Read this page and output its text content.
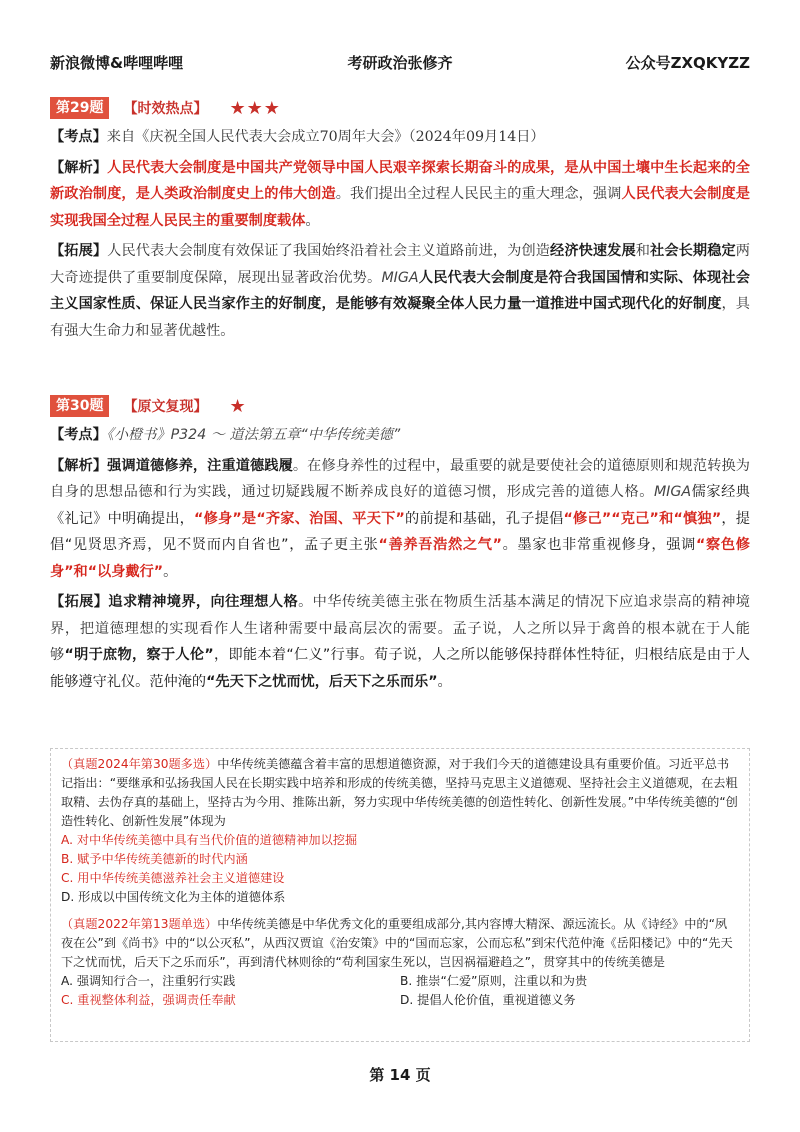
新浪微博&哔哩哔哩	考研政治张修齐	公众号ZXQKYZZ
第29题	【时效热点】 ★★★

【考点】来自《庆祝全国人民代表大会成立70周年大会》（2024年09月14日）

【解析】人民代表大会制度是中国共产党领导中国人民艰辛探索长期奋斗的成果，是从中国土壤中生长起来的全新政治制度，是人类政治制度史上的伟大创造。我们提出全过程人民民主的重大理念，强调人民代表大会制度是实现我国全过程人民民主的重要制度载体。

【拓展】人民代表大会制度有效保证了我国始终沿着社会主义道路前进，为创造经济快速发展和社会长期稳定两大奇迹提供了重要制度保障，展现出显著政治优势。MIGA人民代表大会制度是符合我国国情和实际、体现社会主义国家性质、保证人民当家作主的好制度，是能够有效凝聚全体人民力量一道推进中国式现代化的好制度，具有强大生命力和显著优越性。

第30题	【原文复现】 ★

【考点】《小橙书》P324 ～ 道法第五章“中华传统美德”

【解析】强调道德修养，注重道德践履。在修身养性的过程中，最重要的就是要使社会的道德原则和规范转换为自身的思想品德和行为实践，通过切疑践履不断养成良好的道德习惯，形成完善的道德人格。MIGA儒家经典《礼记》中明确提出，“修身”是“齐家、治国、平天下”的前提和基础，孔子提倡“修己”“克己”和“慎独”，提倡“见贤思齐焉，见不贤而内自省也”，孟子更主张“善养吾浩然之气”。墨家也非常重视修身，强调“察色修身”和“以身戴行”。

【拓展】追求精神境界，向往理想人格。中华传统美德主张在物质生活基本满足的情况下应追求崇高的精神境界，把道德理想的实现看作人生诸种需要中最高层次的需要。孟子说，人之所以异于禽兽的根本就在于人能够“明于庶物，察于人伦”，即能本着“仁义”行事。荀子说，人之所以能够保持群体性特征，归根结底是由于人能够遵守礼仪。范仲淹的“先天下之忧而忧，后天下之乐而乐”。

（真题2024年第30题多选）中华传统美德蕴含着丰富的思想道德资源，对于我们今天的道德建设具有重要价值。习近平总书记指出：“要继承和弘扬我国人民在长期实践中培养和形成的传统美德，坚持马克思主义道德观、坚持社会主义道德观，在去粗取精、去伪存真的基础上，坚持古为今用、推陈出新，努力实现中华传统美德的创造性转化、创新性发展。”中华传统美德的“创造性转化、创新性发展”体现为

A. 对中华传统美德中具有当代价值的道德精神加以挖掘

B. 赋予中华传统美德新的时代内涵

C. 用中华传统美德滋养社会主义道德建设

D. 形成以中国传统文化为主体的道德体系

（真题2022年第13题单选）中华传统美德是中华优秀文化的重要组成部分,其内容博大精深、源远流长。从《诗经》中的“夙夜在公”到《尚书》中的“以公灭私”，从西汉贾谊《治安策》中的“国而忘家，公而忘私”到宋代范仲淹《岳阳楼记》中的“先天下之忧而忧，后天下之乐而乐”，再到清代林则徐的“苟利国家生死以，岂因祸福避趋之”，贯穿其中的传统美德是

A. 强调知行合一，注重躬行实践	B. 推崇“仁爱”原则，注重以和为贵
C. 重视整体利益，强调责任奉献	D. 提倡人伦价值，重视道德义务
第 14 页
